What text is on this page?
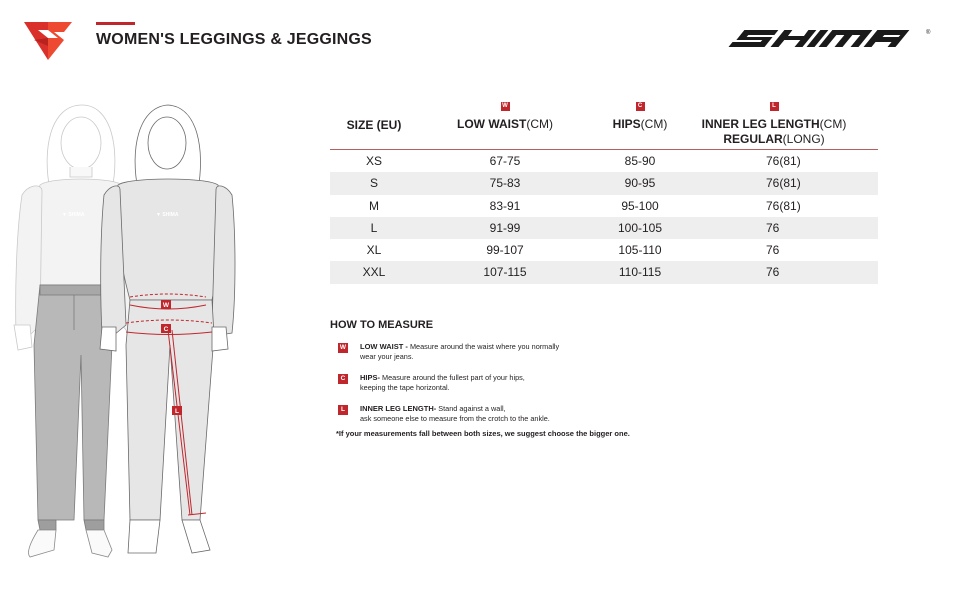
WOMEN'S LEGGINGS & JEGGINGS	®
▼ SHIMA
▼ SHIMA
W
C
L
SIZE (EU)
W
LOW WAIST(CM)
C
HIPS(CM)
L
INNER LEG LENGTH(CM)
REGULAR(LONG)
XS	67-75	85-90	76(81)
S	75-83	90-95	76(81)
M	83-91	95-100	76(81)
L	91-99	100-105	76
XL	99-107	105-110	76
XXL	107-115	110-115	76
HOW TO MEASURE
W LOW WAIST - Measure around the waist where you normally
wear your jeans.
C	HIPS- Measure around the fullest part of your hips,
keeping the tape horizontal.
L	INNER LEG LENGTH- Stand against a wall,
ask someone else to measure from the crotch to the ankle.
*If your measurements fall between both sizes, we suggest choose the bigger one.
